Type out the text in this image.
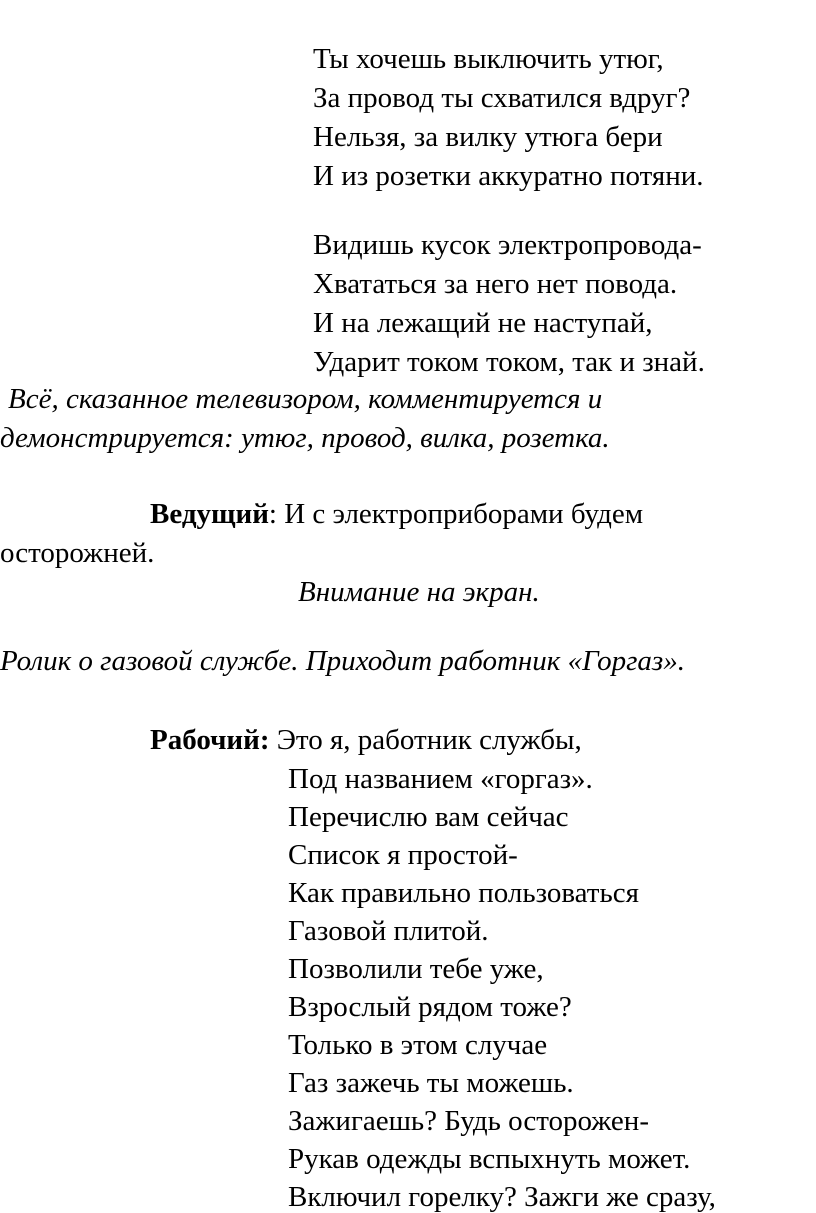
Ты хочешь выключить утюг,
За провод ты схватился вдруг?
Нельзя, за вилку утюга бери
И из розетки аккуратно потяни.
Видишь кусок электропровода-
Хвататься за него нет повода.
И на лежащий не наступай,
Ударит током током, так и знай.
Всё, сказанное телевизором, комментируется и
демонстрируется: утюг, провод, вилка, розетка.
Ведущий: И с электроприборами будем
осторожней.
Внимание на экран.
Ролик о газовой службе. Приходит работник «Горгаз».
Рабочий: Это я, работник службы,
Под названием «горгаз».
Перечислю вам сейчас
Список я простой-
Как правильно пользоваться
Газовой плитой.
Позволили тебе уже,
Взрослый рядом тоже?
Только в этом случае
Газ зажечь ты можешь.
Зажигаешь? Будь осторожен-
Рукав одежды вспыхнуть может.
Включил горелку? Зажги же сразу,
